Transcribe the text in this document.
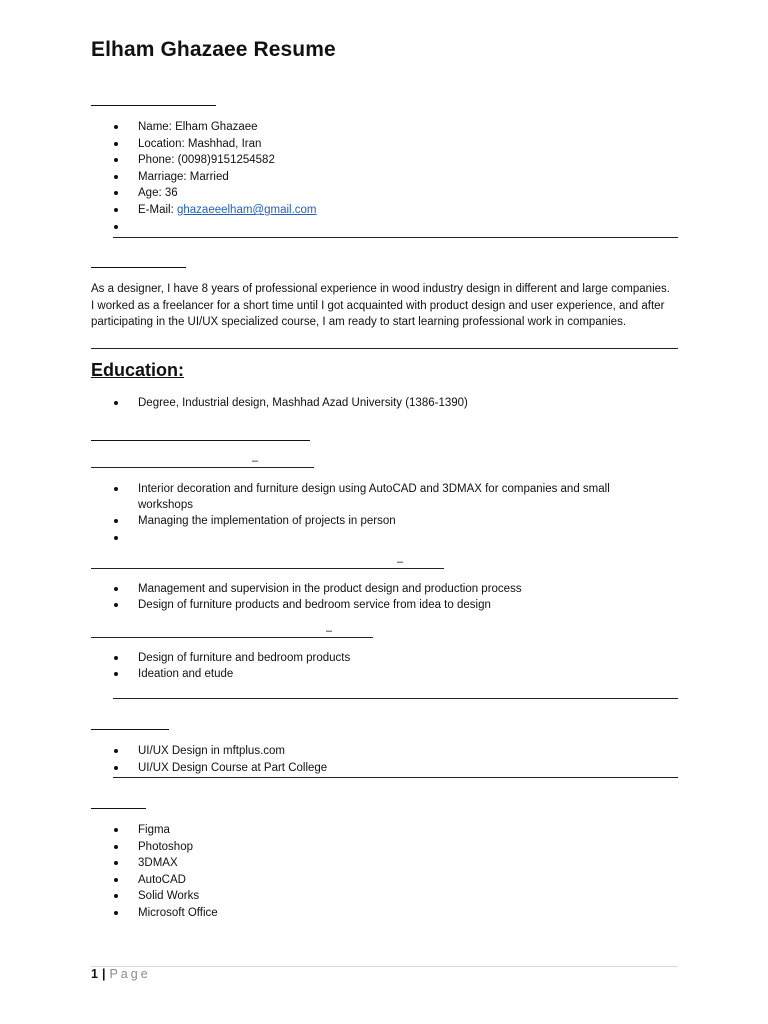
Elham Ghazaee Resume
Name: Elham Ghazaee
Location: Mashhad, Iran
Phone: (0098)9151254582
Marriage: Married
Age: 36
E-Mail: ghazaeeelham@gmail.com
As a designer, I have 8 years of professional experience in wood industry design in different and large companies. I worked as a freelancer for a short time until I got acquainted with product design and user experience, and after participating in the UI/UX specialized course, I am ready to start learning professional work in companies.
Education:
Degree, Industrial design, Mashhad Azad University (1386-1390)
–
Interior decoration and furniture design using AutoCAD and 3DMAX for companies and small workshops
Managing the implementation of projects in person
–
Management and supervision in the product design and production process
Design of furniture products and bedroom service from idea to design
–
Design of furniture and bedroom products
Ideation and etude
UI/UX Design in mftplus.com
UI/UX Design Course at Part College
Figma
Photoshop
3DMAX
AutoCAD
Solid Works
Microsoft Office
1 | Page
